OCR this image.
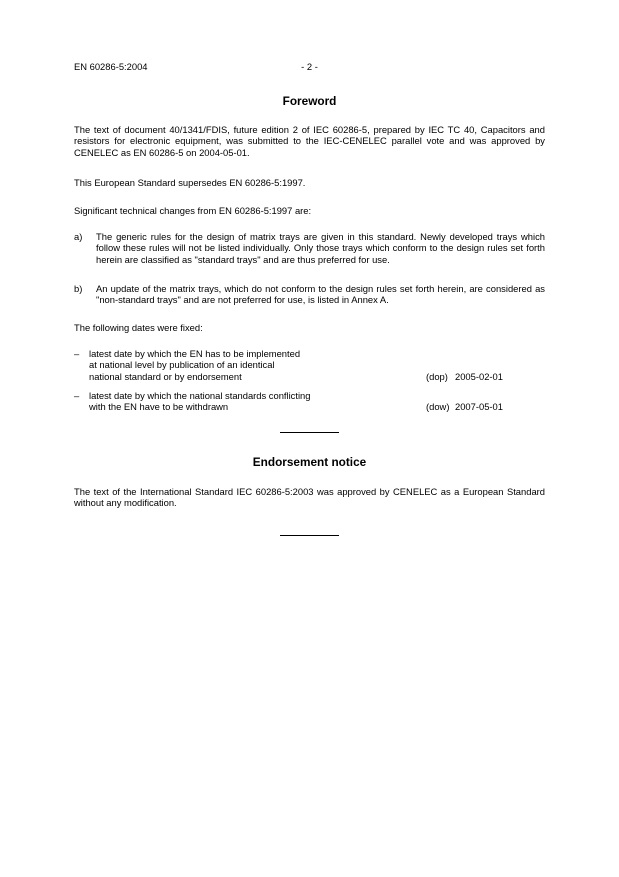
EN 60286-5:2004	- 2 -
Foreword
The text of document 40/1341/FDIS, future edition 2 of IEC 60286-5, prepared by IEC TC 40, Capacitors and resistors for electronic equipment, was submitted to the IEC-CENELEC parallel vote and was approved by CENELEC as EN 60286-5 on 2004-05-01.
This European Standard supersedes EN 60286-5:1997.
Significant technical changes from EN 60286-5:1997 are:
a) The generic rules for the design of matrix trays are given in this standard. Newly developed trays which follow these rules will not be listed individually. Only those trays which conform to the design rules set forth herein are classified as "standard trays" and are thus preferred for use.
b) An update of the matrix trays, which do not conform to the design rules set forth herein, are considered as "non-standard trays" and are not preferred for use, is listed in Annex A.
The following dates were fixed:
– latest date by which the EN has to be implemented
at national level by publication of an identical
national standard or by endorsement	(dop) 2005-02-01
– latest date by which the national standards conflicting
with the EN have to be withdrawn	(dow) 2007-05-01
Endorsement notice
The text of the International Standard IEC 60286-5:2003 was approved by CENELEC as a European Standard without any modification.
